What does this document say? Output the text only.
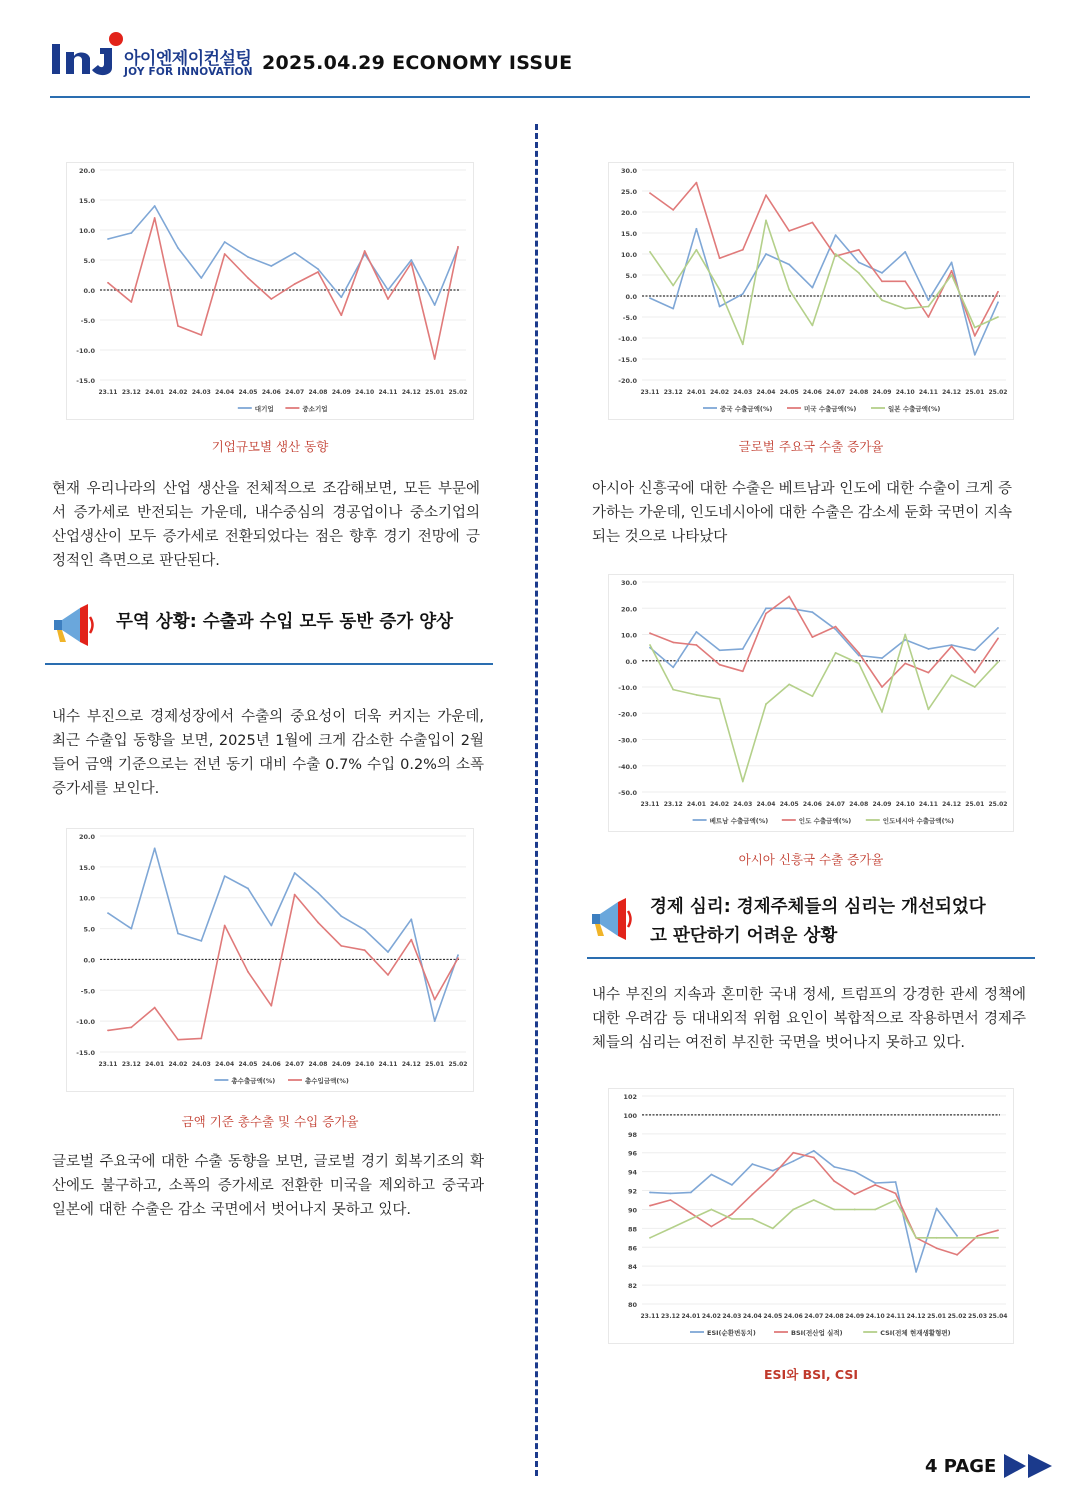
아이엔제이컨설팅
JOY FOR INNOVATION 2025.04.29 ECONOMY ISSUE
20.0
15.0
10.0
5.0
0.0
-5.0
-10.0
-15.0
23.11 23.12 24.01 24.02 24.03 24.04 24.05 24.06 24.07 24.08 24.09 24.10 24.11 24.12 25.01 25.02
대기업	중소기업
기업규모별 생산 동향
현재 우리나라의 산업 생산을 전체적으로 조감해보면, 모든 부문에서 증가세로 반전되는 가운데, 내수중심의 경공업이나 중소기업의 산업생산이 모두 증가세로 전환되었다는 점은 향후 경기 전망에 긍정적인 측면으로 판단된다.
무역 상황: 수출과 수입 모두 동반 증가 양상
내수 부진으로 경제성장에서 수출의 중요성이 더욱 커지는 가운데, 최근 수출입 동향을 보면, 2025년 1월에 크게 감소한 수출입이 2월 들어 금액 기준으로는 전년 동기 대비 수출 0.7% 수입 0.2%의 소폭 증가세를 보인다.
20.0
15.0
10.0
5.0
0.0
-5.0
-10.0
-15.0
23.11 23.12 24.01 24.02 24.03 24.04 24.05 24.06 24.07 24.08 24.09 24.10 24.11 24.12 25.01 25.02
총수출금액(%)	총수입금액(%)
금액 기준 총수출 및 수입 증가율
글로벌 주요국에 대한 수출 동향을 보면, 글로벌 경기 회복기조의 확산에도 불구하고, 소폭의 증가세로 전환한 미국을 제외하고 중국과 일본에 대한 수출은 감소 국면에서 벗어나지 못하고 있다.
30.0
25.0
20.0
15.0
10.0
5.0
0.0
-5.0
-10.0
-15.0
-20.0
23.11 23.12 24.01 24.02 24.03 24.04 24.05 24.06 24.07 24.08 24.09 24.10 24.11 24.12 25.01 25.02
중국 수출금액(%)	미국 수출금액(%)	일본 수출금액(%)
글로벌 주요국 수출 증가율
아시아 신흥국에 대한 수출은 베트남과 인도에 대한 수출이 크게 증가하는 가운데, 인도네시아에 대한 수출은 감소세 둔화 국면이 지속되는 것으로 나타났다
30.0
20.0
10.0
0.0
-10.0
-20.0
-30.0
-40.0
-50.0
23.11 23.12 24.01 24.02 24.03 24.04 24.05 24.06 24.07 24.08 24.09 24.10 24.11 24.12 25.01 25.02
베트남 수출금액(%)	인도 수출금액(%)	인도네시아 수출금액(%)
아시아 신흥국 수출 증가율
경제 심리: 경제주체들의 심리는 개선되었다
고 판단하기 어려운 상황
내수 부진의 지속과 혼미한 국내 정세, 트럼프의 강경한 관세 정책에 대한 우려감 등 대내외적 위험 요인이 복합적으로 작용하면서 경제주체들의 심리는 여전히 부진한 국면을 벗어나지 못하고 있다.
102
100
98
96
94
92
90
88
86
84
82
80
23.11 23.12 24.01 24.02 24.03 24.04 24.05 24.06 24.07 24.08 24.09 24.10 24.11 24.12 25.01 25.02 25.03 25.04
ESI(순환변동치)	BSI(전산업 실적)	CSI(전체 현재생활형편)
ESI와 BSI, CSI
4 PAGE
